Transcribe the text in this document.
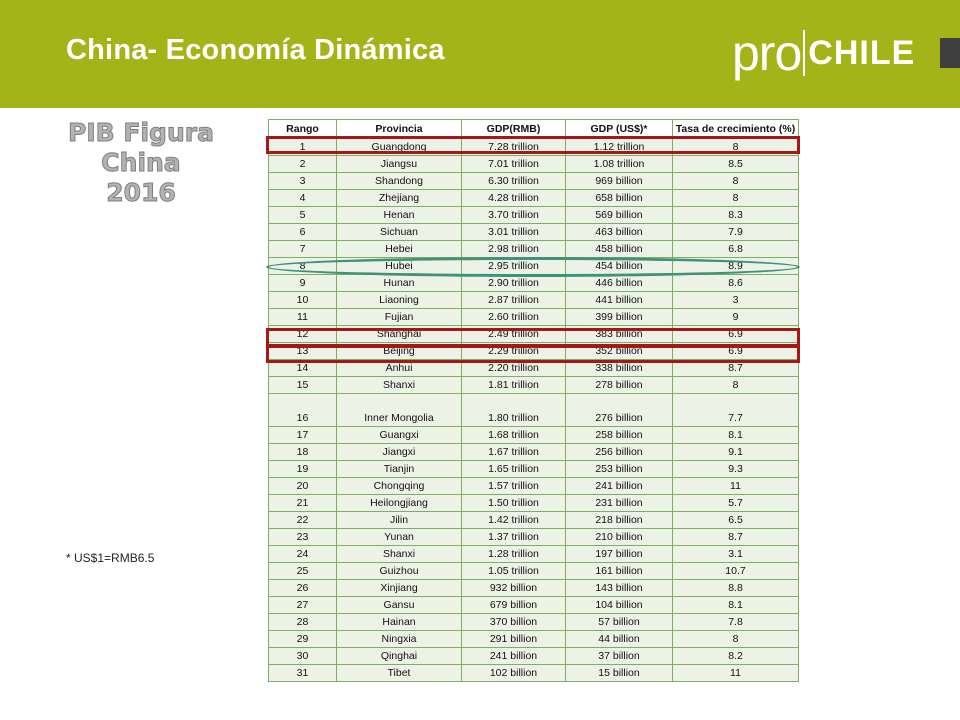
China- Economía Dinámica	pro CHILE
PIB Figura China
2016

* US$1=RMB6.5

Rango	Provincia	GDP(RMB)	GDP (US$)*	Tasa de crecimiento (%)
1	Guangdong	7.28 trillion	1.12 trillion	8
2	Jiangsu	7.01 trillion	1.08 trillion	8.5
3	Shandong	6.30 trillion	969 billion	8
4	Zhejiang	4.28 trillion	658 billion	8
5	Henan	3.70 trillion	569 billion	8.3
6	Sichuan	3.01 trillion	463 billion	7.9
7	Hebei	2.98 trillion	458 billion	6.8
8	Hubei	2.95 trillion	454 billion	8.9
9	Hunan	2.90 trillion	446 billion	8.6
10	Liaoning	2.87 trillion	441 billion	3
11	Fujian	2.60 trillion	399 billion	9
12	Shanghai	2.49 trillion	383 billion	6.9
13	Beijing	2.29 trillion	352 billion	6.9
14	Anhui	2.20 trillion	338 billion	8.7
15	Shanxi	1.81 trillion	278 billion	8
16	Inner Mongolia	1.80 trillion	276 billion	7.7
17	Guangxi	1.68 trillion	258 billion	8.1
18	Jiangxi	1.67 trillion	256 billion	9.1
19	Tianjin	1.65 trillion	253 billion	9.3
20	Chongqing	1.57 trillion	241 billion	11
21	Heilongjiang	1.50 trillion	231 billion	5.7
22	Jilin	1.42 trillion	218 billion	6.5
23	Yunan	1.37 trillion	210 billion	8.7
24	Shanxi	1.28 trillion	197 billion	3.1
25	Guizhou	1.05 trillion	161 billion	10.7
26	Xinjiang	932 billion	143 billion	8.8
27	Gansu	679 billion	104 billion	8.1
28	Hainan	370 billion	57 billion	7.8
29	Ningxia	291 billion	44 billion	8
30	Qinghai	241 billion	37 billion	8.2
31	Tibet	102 billion	15 billion	11
